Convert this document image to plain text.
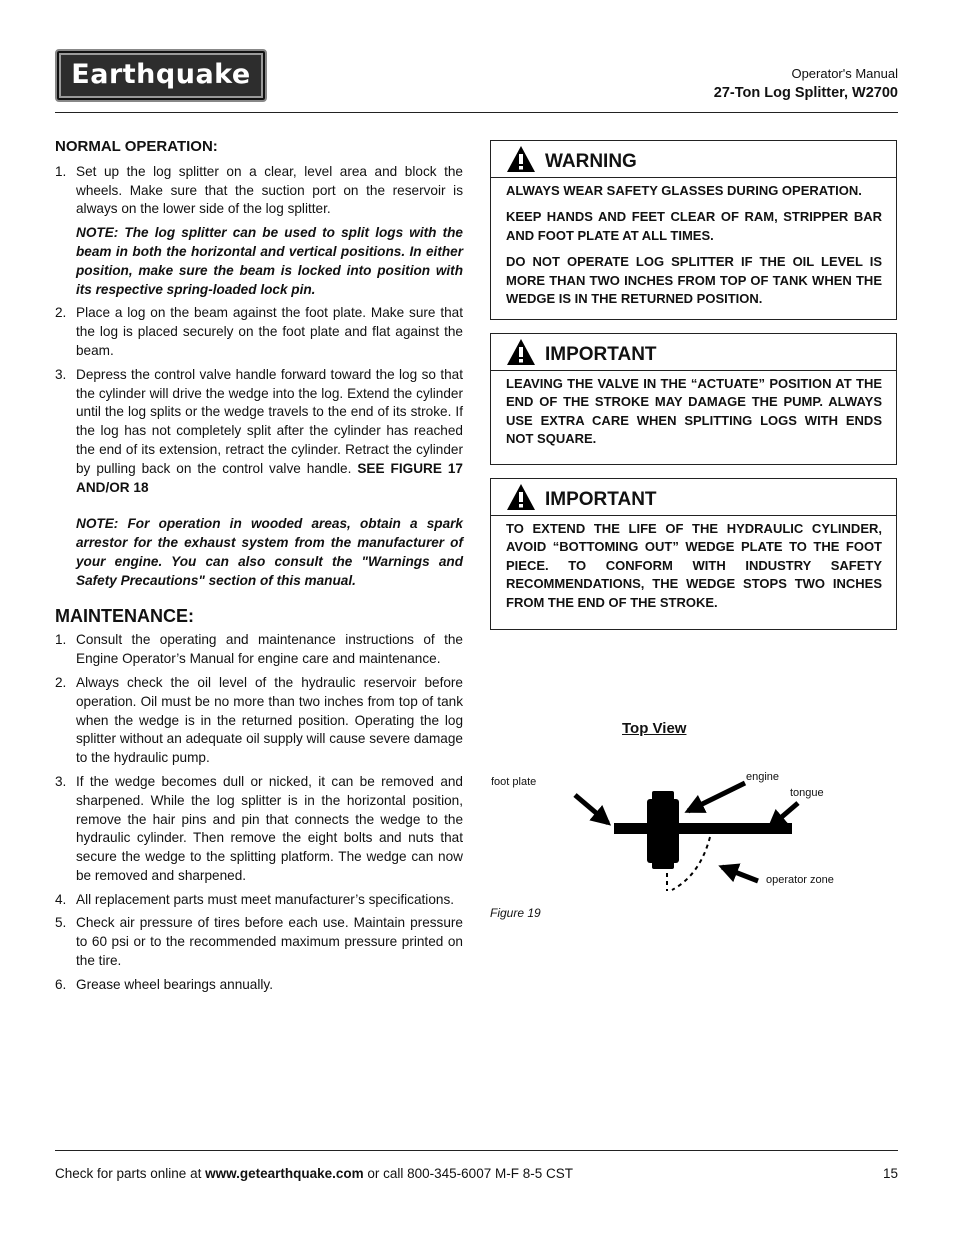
Earthquake	Operator's Manual
27-Ton Log Splitter, W2700
NORMAL OPERATION:
1. Set up the log splitter on a clear, level area and block the wheels. Make sure that the suction port on the reservoir is always on the lower side of the log splitter.

NOTE: The log splitter can be used to split logs with the beam in both the horizontal and vertical positions. In either position, make sure the beam is locked into position with its respective spring-loaded lock pin.

2. Place a log on the beam against the foot plate. Make sure that the log is placed securely on the foot plate and flat against the beam.
3. Depress the control valve handle forward toward the log so that the cylinder will drive the wedge into the log. Extend the cylinder until the log splits or the wedge travels to the end of its stroke. If the log has not completely split after the cylinder has reached the end of its extension, retract the cylinder. Retract the cylinder by pulling back on the control valve handle. SEE FIGURE 17 AND/OR 18

NOTE: For operation in wooded areas, obtain a spark arrestor for the exhaust system from the manufacturer of your engine. You can also consult the "Warnings and Safety Precautions" section of this manual.

MAINTENANCE:
1. Consult the operating and maintenance instructions of the Engine Operator’s Manual for engine care and maintenance.
2. Always check the oil level of the hydraulic reservoir before operation. Oil must be no more than two inches from top of tank when the wedge is in the returned position. Operating the log splitter without an adequate oil supply will cause severe damage to the hydraulic pump.
3. If the wedge becomes dull or nicked, it can be removed and sharpened. While the log splitter is in the horizontal position, remove the hair pins and pin that connects the wedge to the hydraulic cylinder. Then remove the eight bolts and nuts that secure the wedge to the splitting platform. The wedge can now be removed and sharpened.
4. All replacement parts must meet manufacturer’s specifications.
5. Check air pressure of tires before each use. Maintain pressure to 60 psi or to the recommended maximum pressure printed on the tire.
6. Grease wheel bearings annually.
WARNING

ALWAYS WEAR SAFETY GLASSES DURING OPERATION.

KEEP HANDS AND FEET CLEAR OF RAM, STRIPPER BAR AND FOOT PLATE AT ALL TIMES.

DO NOT OPERATE LOG SPLITTER IF THE OIL LEVEL IS MORE THAN TWO INCHES FROM TOP OF TANK WHEN THE WEDGE IS IN THE RETURNED POSITION.

IMPORTANT

LEAVING THE VALVE IN THE “ACTUATE” POSITION AT THE END OF THE STROKE MAY DAMAGE THE PUMP. ALWAYS USE EXTRA CARE WHEN SPLITTING LOGS WITH ENDS NOT SQUARE.

IMPORTANT

TO EXTEND THE LIFE OF THE HYDRAULIC CYLINDER, AVOID “BOTTOMING OUT” WEDGE PLATE TO THE FOOT PIECE. TO CONFORM WITH INDUSTRY SAFETY RECOMMENDATIONS, THE WEDGE STOPS TWO INCHES FROM THE END OF THE STROKE.

Top View
foot plate	engine
tongue
operator zone
Figure 19
Check for parts online at www.getearthquake.com or call 800-345-6007 M-F 8-5 CST	15
